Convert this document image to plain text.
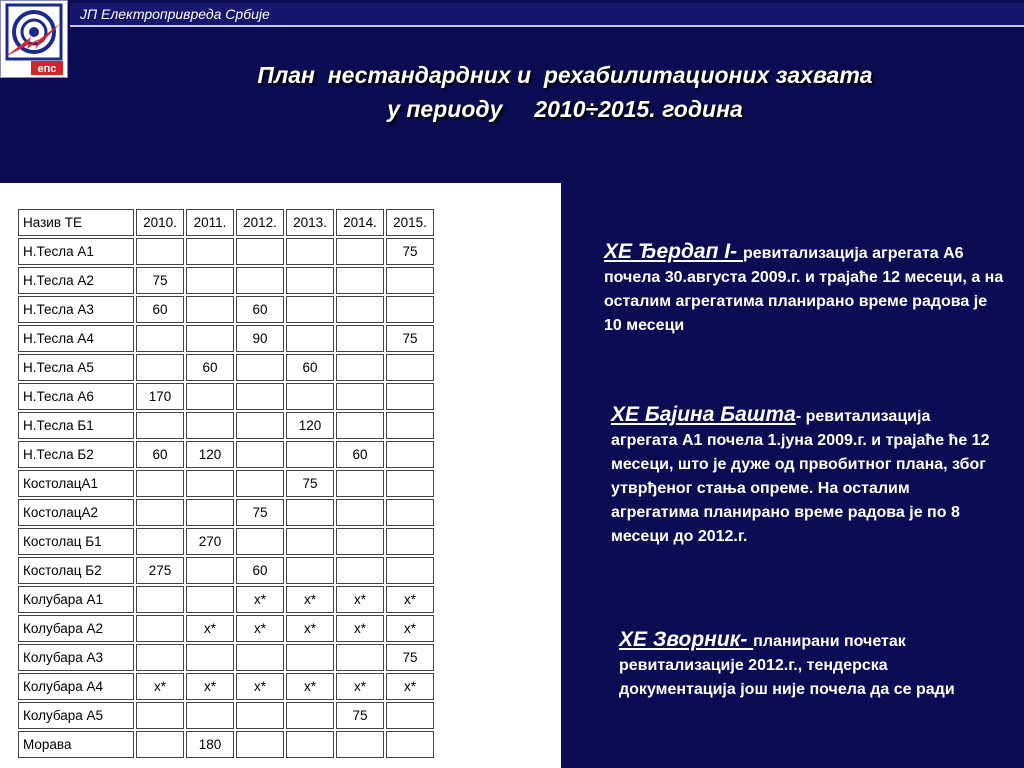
епс
ЈП Електропривреда Србије
План  нестандардних и  рехабилитационих захвата
у периоду     2010÷2015. година
Назив ТЕ	2010.	2011.	2012.	2013.	2014.	2015.
Н.Тесла А1						75
Н.Тесла А2	75					
Н.Тесла А3	60		60			
Н.Тесла А4			90			75
Н.Тесла А5		60		60		
Н.Тесла А6	170					
Н.Тесла Б1				120		
Н.Тесла Б2	60	120			60	
КостолацА1				75		
КостолацА2			75			
Костолац Б1		270				
Костолац Б2	275		60			
Колубара А1			х*	х*	х*	х*
Колубара А2		х*	х*	х*	х*	х*
Колубара А3						75
Колубара А4	х*	х*	х*	х*	х*	х*
Колубара А5					75	
Морава		180				
ХЕ Ђердап I- ревитализација агрегата А6 почела 30.августа 2009.г. и трајаће 12 месеци, а на осталим агрегатима планирано време радова је 10 месеци
ХЕ Бајина Башта- ревитализација агрегата А1 почела 1.јуна 2009.г. и трајаће ће 12 месеци, што је дуже од првобитног плана, због утврђеног стања опреме. На осталим агрегатима планирано време радова је по 8 месеци до 2012.г.
ХЕ Зворник- планирани почетак ревитализације 2012.г., тендерска документација још није почела да се ради
